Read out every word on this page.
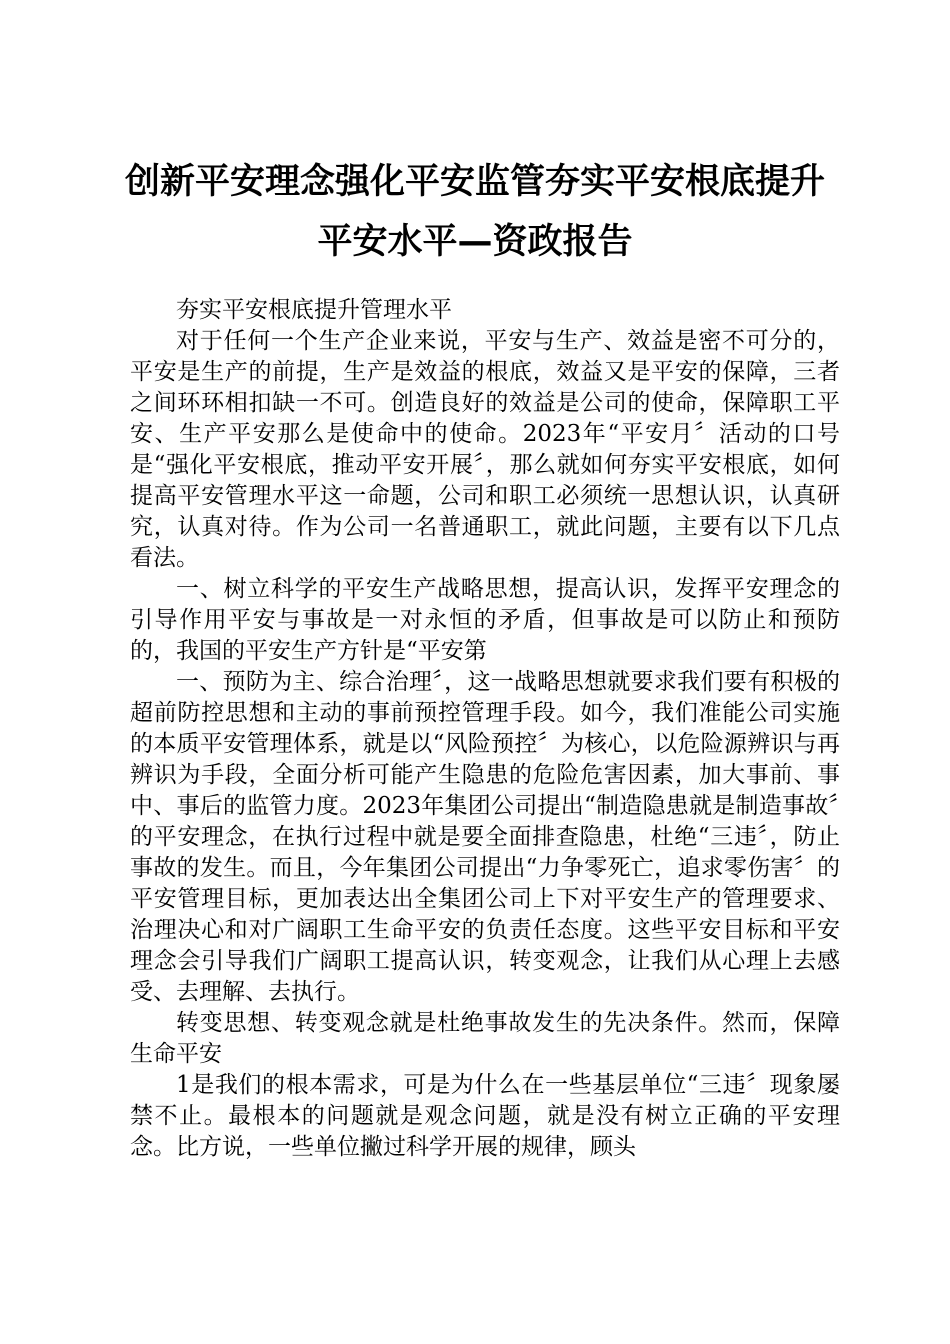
创新平安理念强化平安监管夯实平安根底提升
平安水平—资政报告

夯实平安根底提升管理水平

对于任何一个生产企业来说，平安与生产、效益是密不可分的，平安是生产的前提，生产是效益的根底，效益又是平安的保障，三者之间环环相扣缺一不可。创造良好的效益是公司的使命，保障职工平安、生产平安那么是使命中的使命。2023年“平安月〞活动的口号是“强化平安根底，推动平安开展〞，那么就如何夯实平安根底，如何提高平安管理水平这一命题，公司和职工必须统一思想认识，认真研究，认真对待。作为公司一名普通职工，就此问题，主要有以下几点看法。

一、树立科学的平安生产战略思想，提高认识，发挥平安理念的引导作用平安与事故是一对永恒的矛盾，但事故是可以防止和预防的，我国的平安生产方针是“平安第

一、预防为主、综合治理〞，这一战略思想就要求我们要有积极的超前防控思想和主动的事前预控管理手段。如今，我们准能公司实施的本质平安管理体系，就是以“风险预控〞为核心，以危险源辨识与再辨识为手段，全面分析可能产生隐患的危险危害因素，加大事前、事中、事后的监管力度。2023年集团公司提出“制造隐患就是制造事故〞的平安理念，在执行过程中就是要全面排查隐患，杜绝“三违〞，防止事故的发生。而且，今年集团公司提出“力争零死亡，追求零伤害〞的平安管理目标，更加表达出全集团公司上下对平安生产的管理要求、治理决心和对广阔职工生命平安的负责任态度。这些平安目标和平安理念会引导我们广阔职工提高认识，转变观念，让我们从心理上去感受、去理解、去执行。

转变思想、转变观念就是杜绝事故发生的先决条件。然而，保障生命平安

1是我们的根本需求，可是为什么在一些基层单位“三违〞现象屡禁不止。最根本的问题就是观念问题，就是没有树立正确的平安理念。比方说，一些单位撇过科学开展的规律，顾头
